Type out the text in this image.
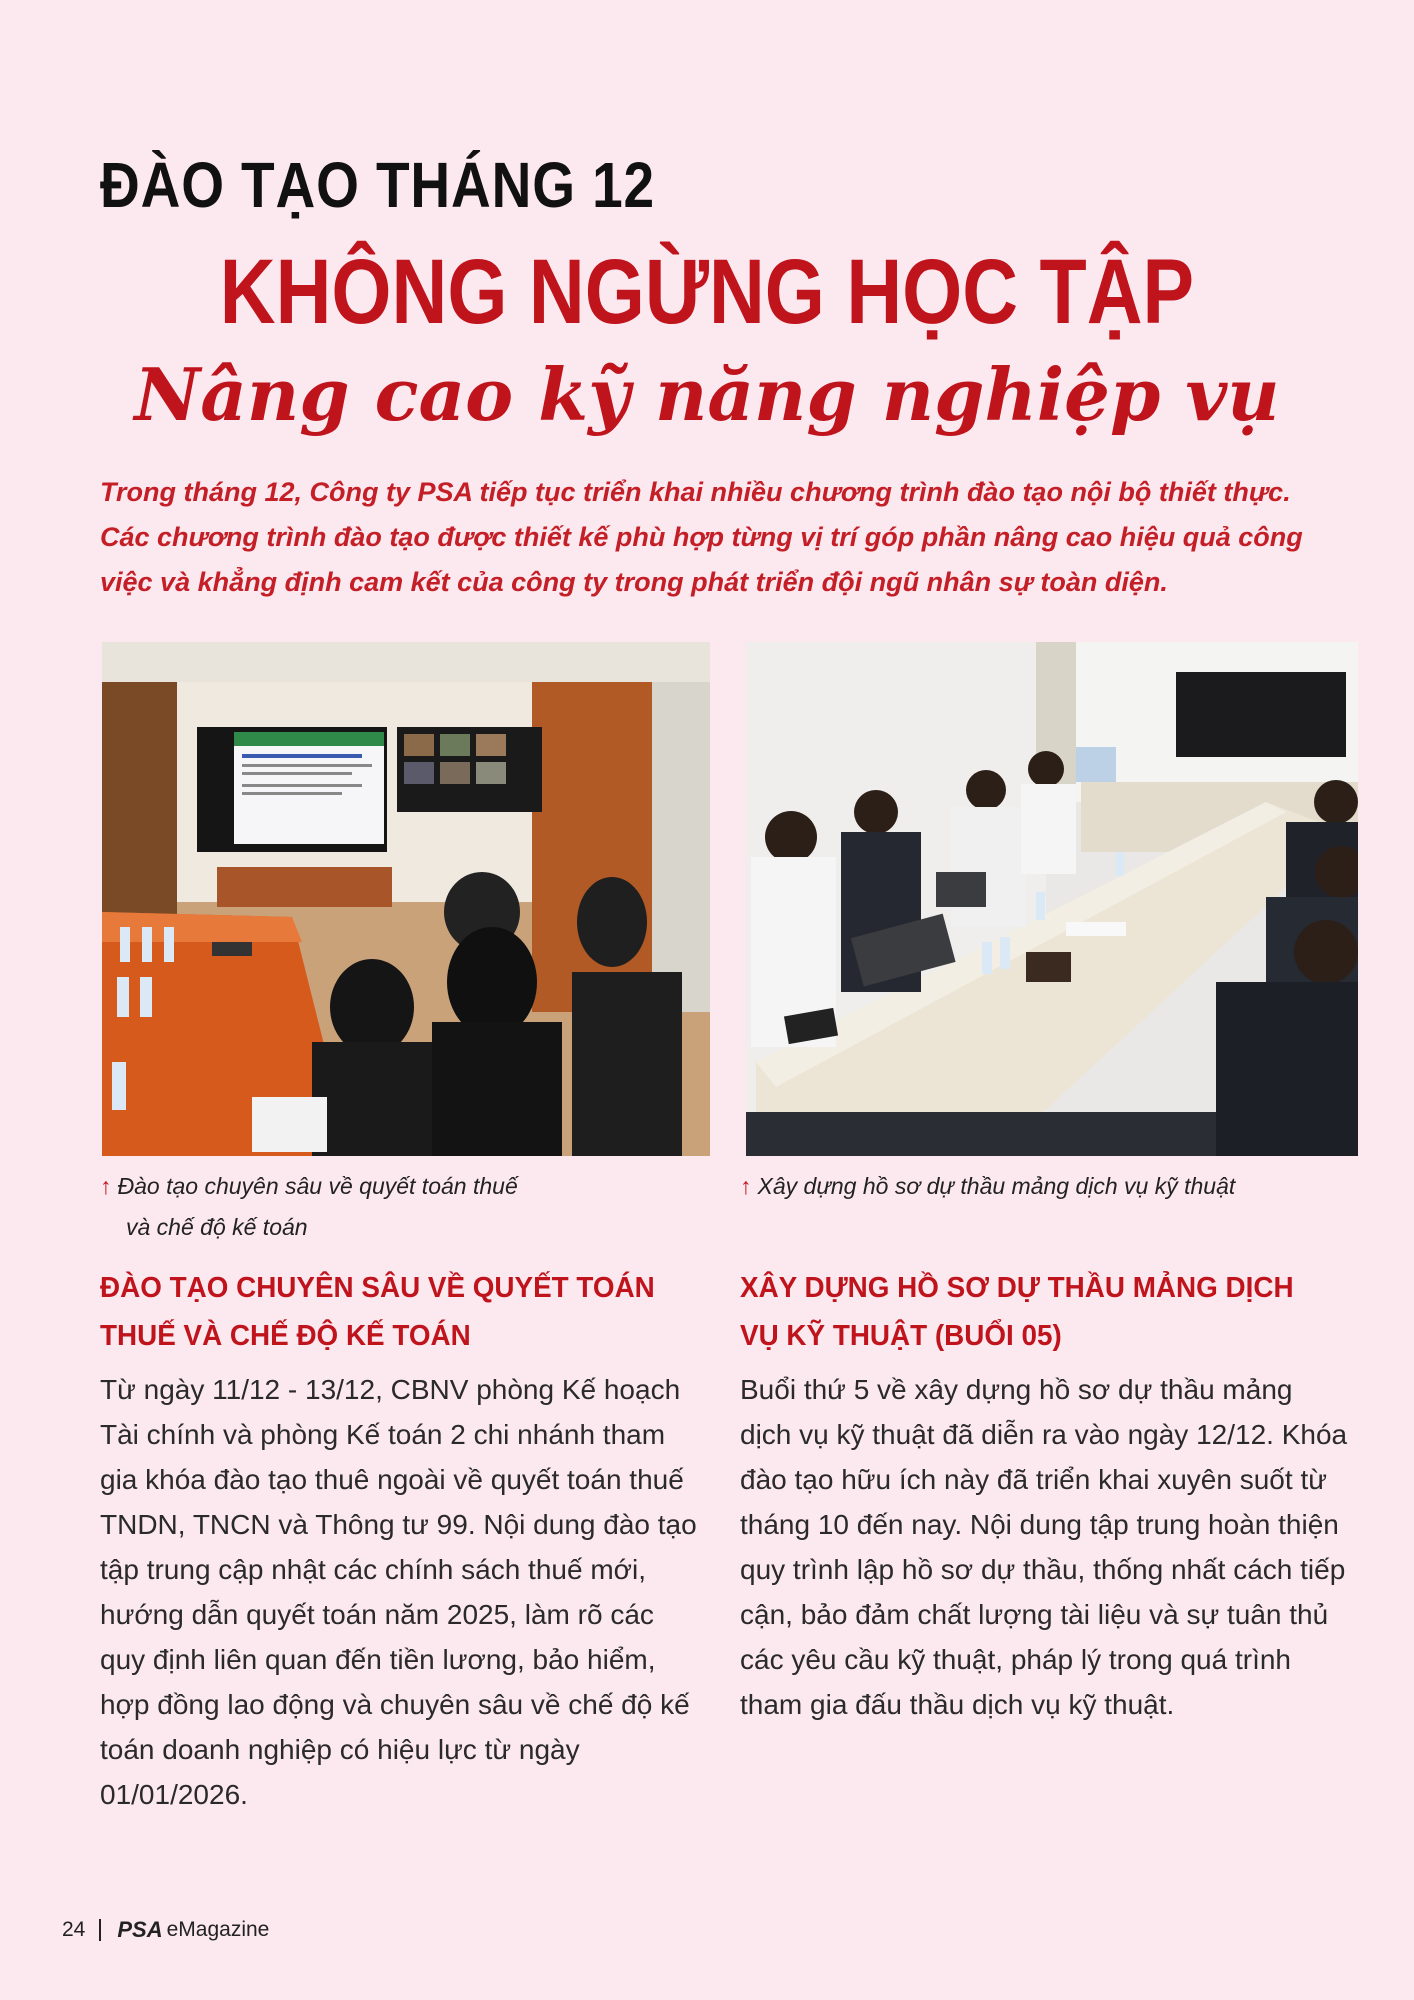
ĐÀO TẠO THÁNG 12
KHÔNG NGỪNG HỌC TẬP
Nâng cao kỹ năng nghiệp vụ

Trong tháng 12, Công ty PSA tiếp tục triển khai nhiều chương trình đào tạo nội bộ thiết thực. Các chương trình đào tạo được thiết kế phù hợp từng vị trí góp phần nâng cao hiệu quả công việc và khẳng định cam kết của công ty trong phát triển đội ngũ nhân sự toàn diện.

↑ Đào tạo chuyên sâu về quyết toán thuế
và chế độ kế toán
↑ Xây dựng hồ sơ dự thầu mảng dịch vụ kỹ thuật
ĐÀO TẠO CHUYÊN SÂU VỀ QUYẾT TOÁN THUẾ VÀ CHẾ ĐỘ KẾ TOÁN

Từ ngày 11/12 - 13/12, CBNV phòng Kế hoạch Tài chính và phòng Kế toán 2 chi nhánh tham gia khóa đào tạo thuê ngoài về quyết toán thuế TNDN, TNCN và Thông tư 99. Nội dung đào tạo tập trung cập nhật các chính sách thuế mới, hướng dẫn quyết toán năm 2025, làm rõ các quy định liên quan đến tiền lương, bảo hiểm, hợp đồng lao động và chuyên sâu về chế độ kế toán doanh nghiệp có hiệu lực từ ngày 01/01/2026.

XÂY DỰNG HỒ SƠ DỰ THẦU MẢNG DỊCH VỤ KỸ THUẬT (BUỔI 05)

Buổi thứ 5 về xây dựng hồ sơ dự thầu mảng dịch vụ kỹ thuật đã diễn ra vào ngày 12/12. Khóa đào tạo hữu ích này đã triển khai xuyên suốt từ tháng 10 đến nay. Nội dung tập trung hoàn thiện quy trình lập hồ sơ dự thầu, thống nhất cách tiếp cận, bảo đảm chất lượng tài liệu và sự tuân thủ các yêu cầu kỹ thuật, pháp lý trong quá trình tham gia đấu thầu dịch vụ kỹ thuật.

24 PSA eMagazine
